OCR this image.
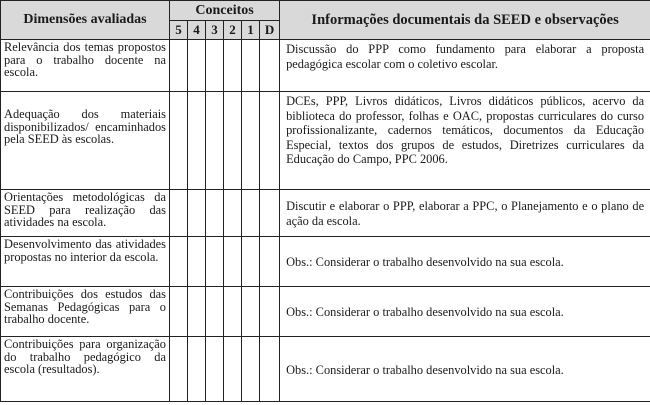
Dimensões avaliadas	Conceitos						Informações documentais da SEED e observações
	5	4	3	2	1	D	
Relevância dos temas propostos para o trabalho docente na escola.							Discussão do PPP como fundamento para elaborar a proposta pedagógica escolar com o coletivo escolar.
Adequação dos materiais disponibilizados/ encaminhados pela SEED às escolas.							DCEs, PPP, Livros didáticos, Livros didáticos públicos, acervo da biblioteca do professor, folhas e OAC, propostas curriculares do curso profissionalizante, cadernos temáticos, documentos da Educação Especial, textos dos grupos de estudos, Diretrizes curriculares da Educação do Campo, PPC 2006.
Orientações metodológicas da SEED para realização das atividades na escola.							Discutir e elaborar o PPP, elaborar a PPC, o Planejamento e o plano de ação da escola.
Desenvolvimento das atividades propostas no interior da escola.							Obs.: Considerar o trabalho desenvolvido na sua escola.
Contribuições dos estudos das Semanas Pedagógicas para o trabalho docente.							Obs.: Considerar o trabalho desenvolvido na sua escola.
Contribuições para organização do trabalho pedagógico da escola (resultados).							Obs.: Considerar o trabalho desenvolvido na sua escola.
